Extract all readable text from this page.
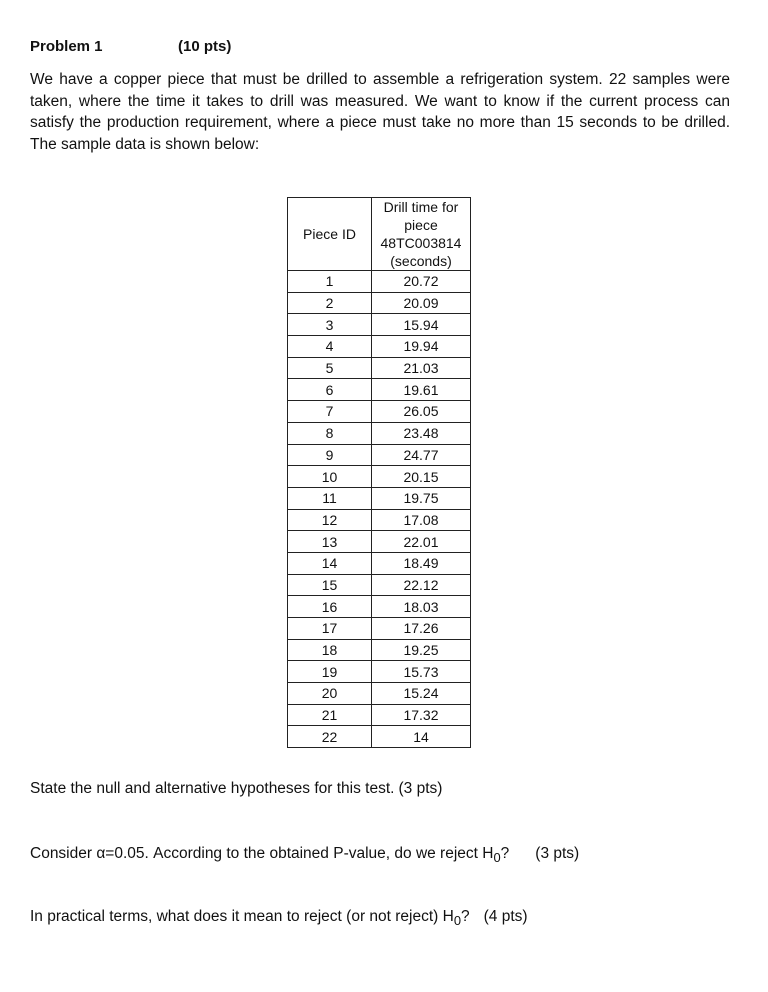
Problem 1	(10 pts)

We have a copper piece that must be drilled to assemble a refrigeration system. 22 samples were taken, where the time it takes to drill was measured. We want to know if the current process can satisfy the production requirement, where a piece must take no more than 15 seconds to be drilled. The sample data is shown below:

Piece ID	Drill time for
piece
48TC003814
(seconds)

1	20.72
2	20.09
3	15.94
4	19.94
5	21.03
6	19.61
7	26.05
8	23.48
9	24.77
10	20.15
11	19.75
12	17.08
13	22.01
14	18.49
15	22.12
16	18.03
17	17.26
18	19.25
19	15.73
20	15.24
21	17.32
22	14
State the null and alternative hypotheses for this test. (3 pts)
Consider α=0.05. According to the obtained P-value, do we reject $H_0$? (3 pts)
In practical terms, what does it mean to reject (or not reject) $H_0$? (4 pts)
